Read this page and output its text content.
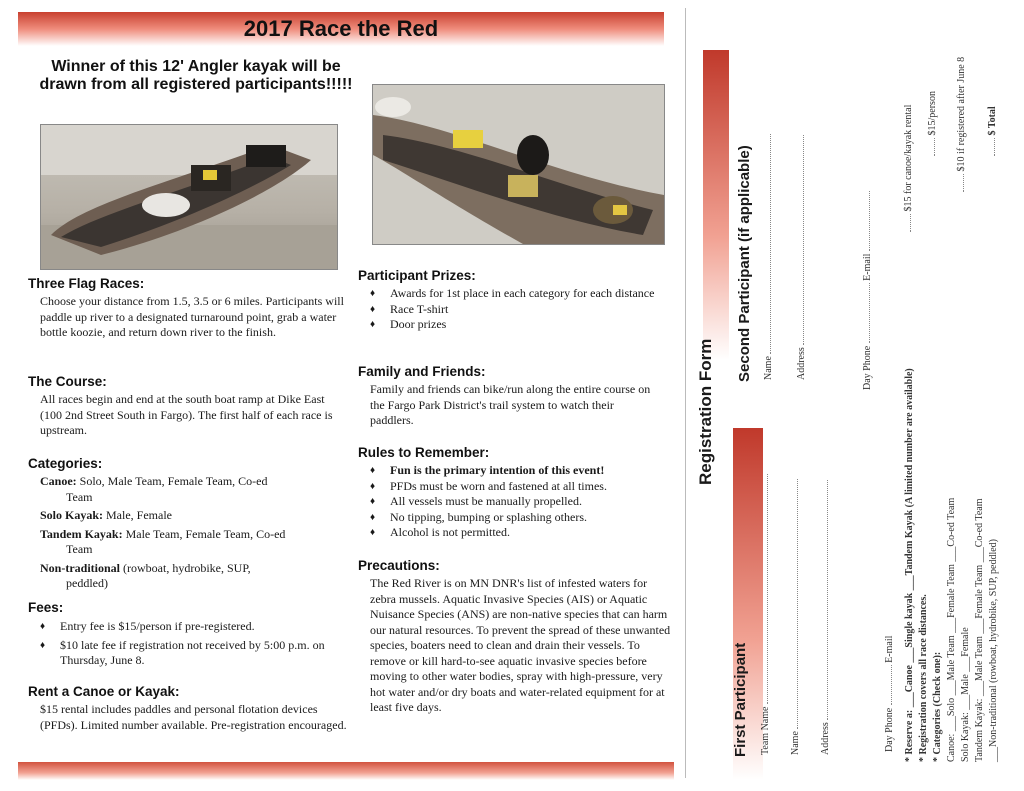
2017 Race the Red
Winner of this 12' Angler kayak will be drawn from all registered participants!!!!!
Three Flag Races:
Choose your distance from 1.5, 3.5 or 6 miles. Participants will paddle up river to a designated turnaround point, grab a water bottle koozie, and return down river to the finish.
The Course:
All races begin and end at the south boat ramp at Dike East (100 2nd Street South in Fargo). The first half of each race is upstream.
Categories:
Canoe: Solo, Male Team, Female Team, Co-ed
Team
Solo Kayak: Male, Female
Tandem Kayak: Male Team, Female Team, Co-ed
Team
Non-traditional (rowboat, hydrobike, SUP,
peddled)
Fees:
♦ Entry fee is $15/person if pre-registered.
♦ $10 late fee if registration not received by 5:00 p.m. on Thursday, June 8.
Rent a Canoe or Kayak:
$15 rental includes paddles and personal flotation devices (PFDs). Limited number available. Pre-registration encouraged.
Participant Prizes:
♦ Awards for 1st place in each category for each distance
♦ Race T-shirt
♦ Door prizes
Family and Friends:
Family and friends can bike/run along the entire course on the Fargo Park District's trail system to watch their paddlers.
Rules to Remember:
♦ Fun is the primary intention of this event!
♦ PFDs must be worn and fastened at all times.
♦ All vessels must be manually propelled.
♦ No tipping, bumping or splashing others.
♦ Alcohol is not permitted.
Precautions:
The Red River is on MN DNR's list of infested waters for zebra mussels. Aquatic Invasive Species (AIS) or Aquatic Nuisance Species (ANS) are non-native species that can harm our natural resources. To prevent the spread of these unwanted species, boaters need to clean and drain their vessels. To remove or kill hard-to-see aquatic invasive species before moving to other water bodies, spray with high-pressure, very hot water and/or dry boats and water-related equipment for at least five days.
Registration Form
Second Participant (if applicable)
First Participant
Name Address	Day Phone  E-mail
Team Name Name Address	Day Phone  E-mail
* Reserve a: ___Canoe ___Single kayak ___Tandem Kayak (A limited number are available)
* Registration covers all race distances. * Categories (Check one): Canoe: ___Solo ___Male Team ___Female Team ___Co-ed Team Solo Kayak: ___Male ___Female Tandem Kayak: ___Male Team ___Female Team ___Co-ed Team ___Non-traditional (rowboat, hydrobike, SUP, peddled)
$15 for canoe/kayak rental $15/person $10 if registered after June 8 $ Total
